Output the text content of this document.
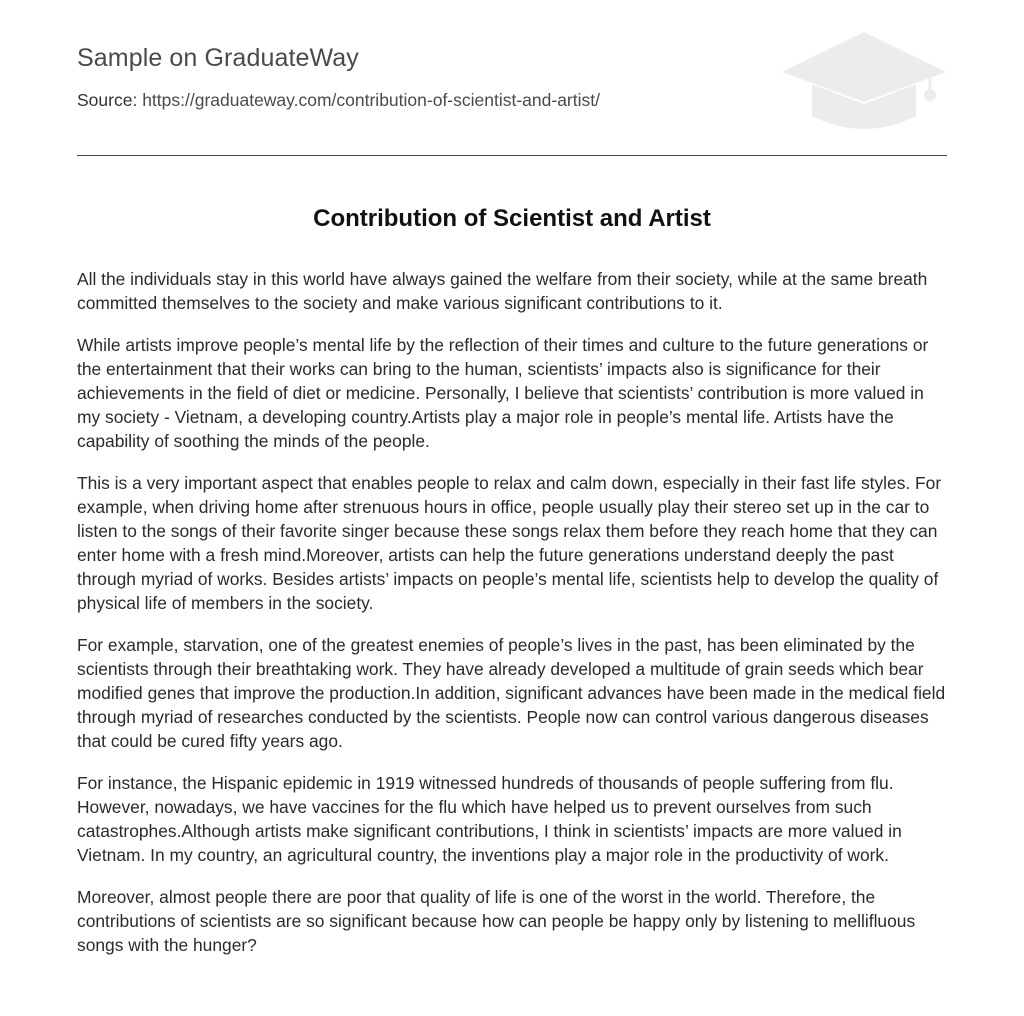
Sample on GraduateWay
Source: https://graduateway.com/contribution-of-scientist-and-artist/
Contribution of Scientist and Artist

All the individuals stay in this world have always gained the welfare from their society, while at the same breath committed themselves to the society and make various significant contributions to it.

While artists improve people’s mental life by the reflection of their times and culture to the future generations or the entertainment that their works can bring to the human, scientists’ impacts also is significance for their achievements in the field of diet or medicine. Personally, I believe that scientists’ contribution is more valued in my society - Vietnam, a developing country.Artists play a major role in people’s mental life. Artists have the capability of soothing the minds of the people.

This is a very important aspect that enables people to relax and calm down, especially in their fast life styles. For example, when driving home after strenuous hours in office, people usually play their stereo set up in the car to listen to the songs of their favorite singer because these songs relax them before they reach home that they can enter home with a fresh mind.Moreover, artists can help the future generations understand deeply the past through myriad of works. Besides artists’ impacts on people’s mental life, scientists help to develop the quality of physical life of members in the society.

For example, starvation, one of the greatest enemies of people’s lives in the past, has been eliminated by the scientists through their breathtaking work. They have already developed a multitude of grain seeds which bear modified genes that improve the production.In addition, significant advances have been made in the medical field through myriad of researches conducted by the scientists. People now can control various dangerous diseases that could be cured fifty years ago.

For instance, the Hispanic epidemic in 1919 witnessed hundreds of thousands of people suffering from flu. However, nowadays, we have vaccines for the flu which have helped us to prevent ourselves from such catastrophes.Although artists make significant contributions, I think in scientists’ impacts are more valued in Vietnam. In my country, an agricultural country, the inventions play a major role in the productivity of work.

Moreover, almost people there are poor that quality of life is one of the worst in the world. Therefore, the contributions of scientists are so significant because how can people be happy only by listening to mellifluous songs with the hunger?
